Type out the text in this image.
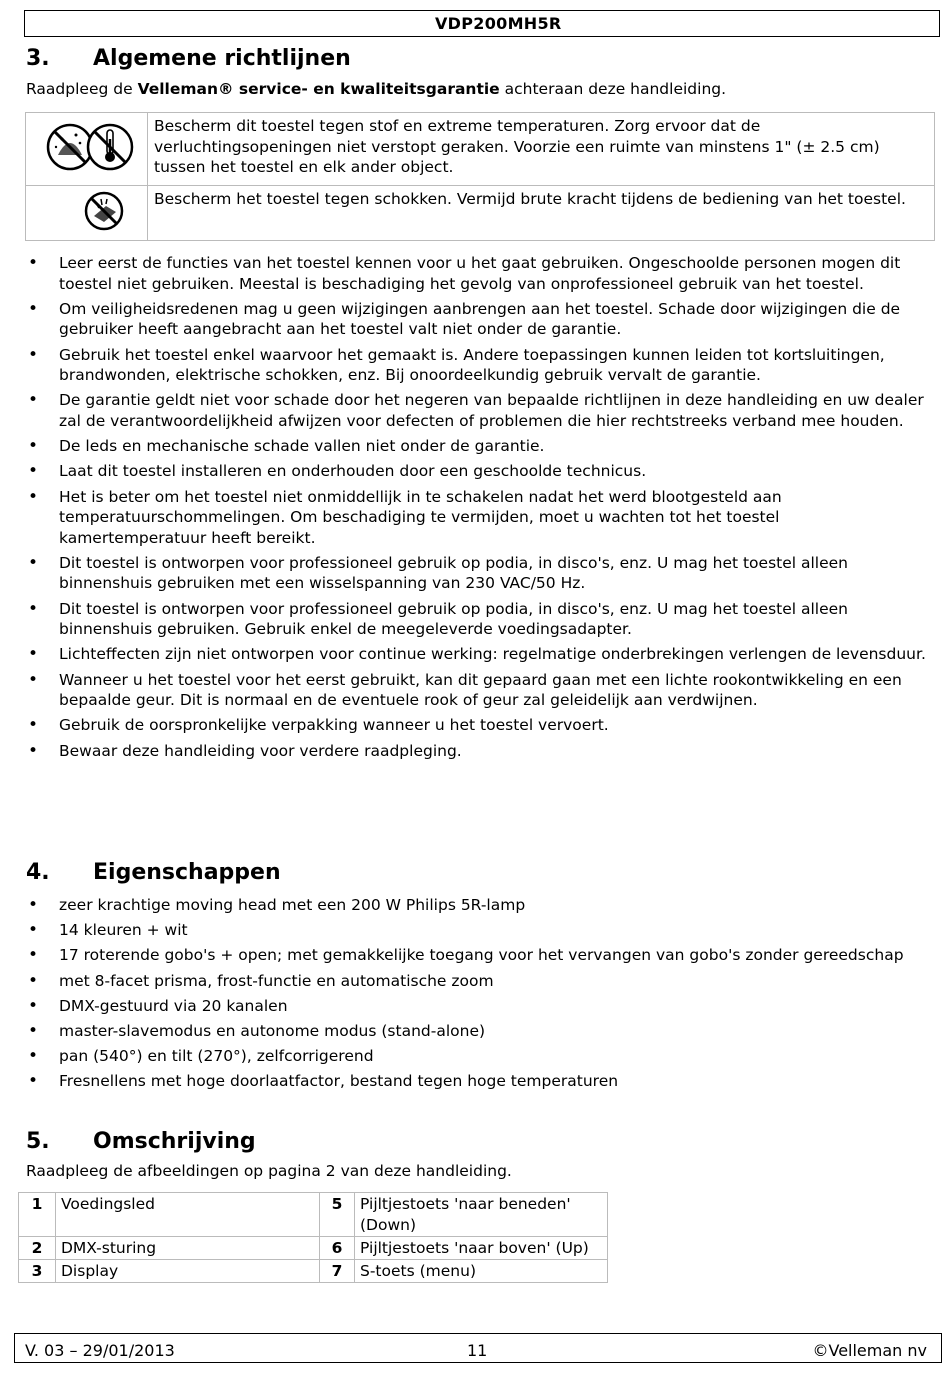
VDP200MH5R
3. Algemene richtlijnen

Raadpleeg de Velleman® service- en kwaliteitsgarantie achteraan deze handleiding.

	Bescherm dit toestel tegen stof en extreme temperaturen. Zorg ervoor dat de verluchtingsopeningen niet verstopt geraken. Voorzie een ruimte van minstens 1" (± 2.5 cm) tussen het toestel en elk ander object.
	Bescherm het toestel tegen schokken. Vermijd brute kracht tijdens de bediening van het toestel.
• Leer eerst de functies van het toestel kennen voor u het gaat gebruiken. Ongeschoolde personen mogen dit toestel niet gebruiken. Meestal is beschadiging het gevolg van onprofessioneel gebruik van het toestel.
• Om veiligheidsredenen mag u geen wijzigingen aanbrengen aan het toestel. Schade door wijzigingen die de gebruiker heeft aangebracht aan het toestel valt niet onder de garantie.
• Gebruik het toestel enkel waarvoor het gemaakt is. Andere toepassingen kunnen leiden tot kortsluitingen, brandwonden, elektrische schokken, enz. Bij onoordeelkundig gebruik vervalt de garantie.
• De garantie geldt niet voor schade door het negeren van bepaalde richtlijnen in deze handleiding en uw dealer zal de verantwoordelijkheid afwijzen voor defecten of problemen die hier rechtstreeks verband mee houden.
• De leds en mechanische schade vallen niet onder de garantie.
• Laat dit toestel installeren en onderhouden door een geschoolde technicus.
• Het is beter om het toestel niet onmiddellijk in te schakelen nadat het werd blootgesteld aan temperatuurschommelingen. Om beschadiging te vermijden, moet u wachten tot het toestel kamertemperatuur heeft bereikt.
• Dit toestel is ontworpen voor professioneel gebruik op podia, in disco's, enz. U mag het toestel alleen binnenshuis gebruiken met een wisselspanning van 230 VAC/50 Hz.
• Dit toestel is ontworpen voor professioneel gebruik op podia, in disco's, enz. U mag het toestel alleen binnenshuis gebruiken. Gebruik enkel de meegeleverde voedingsadapter.
• Lichteffecten zijn niet ontworpen voor continue werking: regelmatige onderbrekingen verlengen de levensduur.
• Wanneer u het toestel voor het eerst gebruikt, kan dit gepaard gaan met een lichte rookontwikkeling en een bepaalde geur. Dit is normaal en de eventuele rook of geur zal geleidelijk aan verdwijnen.
• Gebruik de oorspronkelijke verpakking wanneer u het toestel vervoert.
• Bewaar deze handleiding voor verdere raadpleging.
4. Eigenschappen
• zeer krachtige moving head met een 200 W Philips 5R-lamp
• 14 kleuren + wit
• 17 roterende gobo's + open; met gemakkelijke toegang voor het vervangen van gobo's zonder gereedschap
• met 8-facet prisma, frost-functie en automatische zoom
• DMX-gestuurd via 20 kanalen
• master-slavemodus en autonome modus (stand-alone)
• pan (540°) en tilt (270°), zelfcorrigerend
• Fresnellens met hoge doorlaatfactor, bestand tegen hoge temperaturen
5. Omschrijving

Raadpleeg de afbeeldingen op pagina 2 van deze handleiding.

1	Voedingsled	5	Pijltjestoets 'naar beneden' (Down)
2	DMX-sturing	6	Pijltjestoets 'naar boven' (Up)
3	Display	7	S-toets (menu)
V. 03 – 29/01/2013	11	©Velleman nv
